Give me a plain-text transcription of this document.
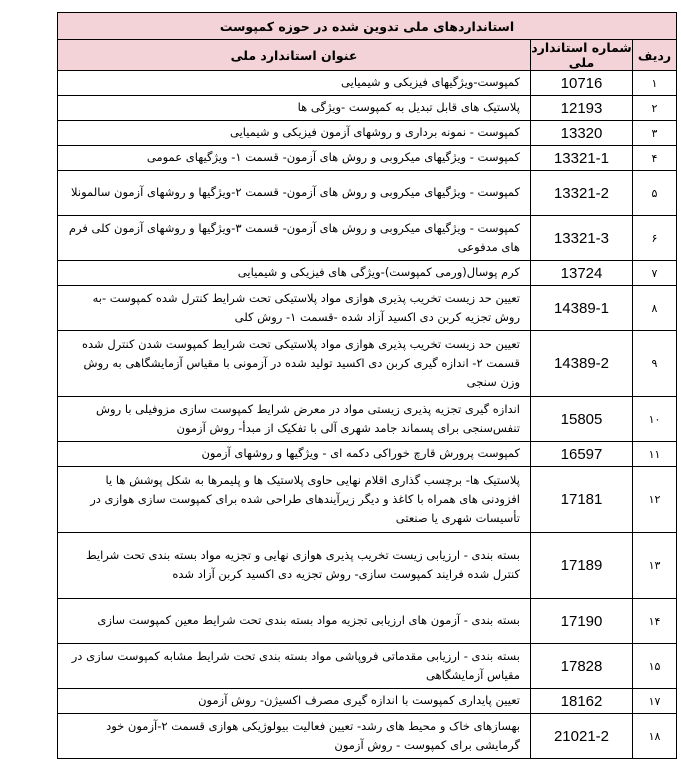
استانداردهای ملی تدوین شده در حوزه کمپوست		
ردیف	شماره استاندارد ملی	عنوان استاندارد ملی
۱	10716	کمپوست-ویژگیهای فیزیکی و شیمیایی
۲	12193	پلاستیک های قابل تبدیل به کمپوست -ویژگی ها
۳	13320	کمپوست - نمونه برداری و روشهای آزمون فیزیکی و شیمیایی
۴	13321-1	کمپوست - ویژگیهای میکروبی و روش های آزمون- قسمت ۱- ویژگیهای عمومی
۵	13321-2	کمپوست - ویژگیهای میکروبی و روش های آزمون- قسمت ۲-ویژگیها و روشهای آزمون سالمونلا
۶	13321-3	کمپوست - ویژگیهای میکروبی و روش های آزمون- قسمت ۳-ویژگیها و روشهای آزمون کلی فرم های مدفوعی
۷	13724	کرم پوسال(ورمی کمپوست)-ویژگی های فیزیکی و شیمیایی
۸	14389-1	تعیین حد زیست تخریب پذیری هوازی مواد پلاستیکی تحت شرایط کنترل شده کمپوست -به روش تجزیه کربن دی اکسید آزاد شده -قسمت ۱- روش کلی
۹	14389-2	تعیین حد زیست تخریب پذیری هوازی مواد پلاستیکی تحت شرایط کمپوست شدن کنترل شده قسمت ۲- اندازه گیری کربن دی اکسید تولید شده در آزمونی با مقیاس آزمایشگاهی به روش وزن سنجی
۱۰	15805	اندازه گیری تجزیه پذیری زیستی مواد در معرض شرایط کمپوست سازی مزوفیلی با روش تنفس‌سنجی برای پسماند جامد شهری آلی با تفکیک از مبدأ- روش آزمون
۱۱	16597	کمپوست پرورش قارچ خوراکی دکمه ای - ویژگیها و روشهای آزمون
۱۲	17181	پلاستیک ها- برچسب گذاری اقلام نهایی حاوی پلاستیک ها و پلیمرها به شکل پوشش ها یا افزودنی های همراه با کاغذ و دیگر زیرآیندهای طراحی شده برای کمپوست سازی هوازی در تأسیسات شهری یا صنعتی
۱۳	17189	بسته بندی - ارزیابی زیست تخریب پذیری هوازی نهایی و تجزیه مواد بسته بندی تحت شرایط کنترل شده فرایند کمپوست سازی- روش تجزیه دی اکسید کربن آزاد شده
۱۴	17190	بسته بندی - آزمون های ارزیابی تجزیه مواد بسته بندی تحت شرایط معین کمپوست سازی
۱۵	17828	بسته بندی - ارزیابی مقدماتی فروپاشی مواد بسته بندی تحت شرایط مشابه کمپوست سازی در مقیاس آزمایشگاهی
۱۷	18162	تعیین پایداری کمپوست با اندازه گیری مصرف اکسیژن- روش آزمون
۱۸	21021-2	بهسازهای خاک و محیط های رشد- تعیین فعالیت بیولوژیکی هوازی قسمت ۲-آزمون خود گرمایشی برای کمپوست - روش آزمون
